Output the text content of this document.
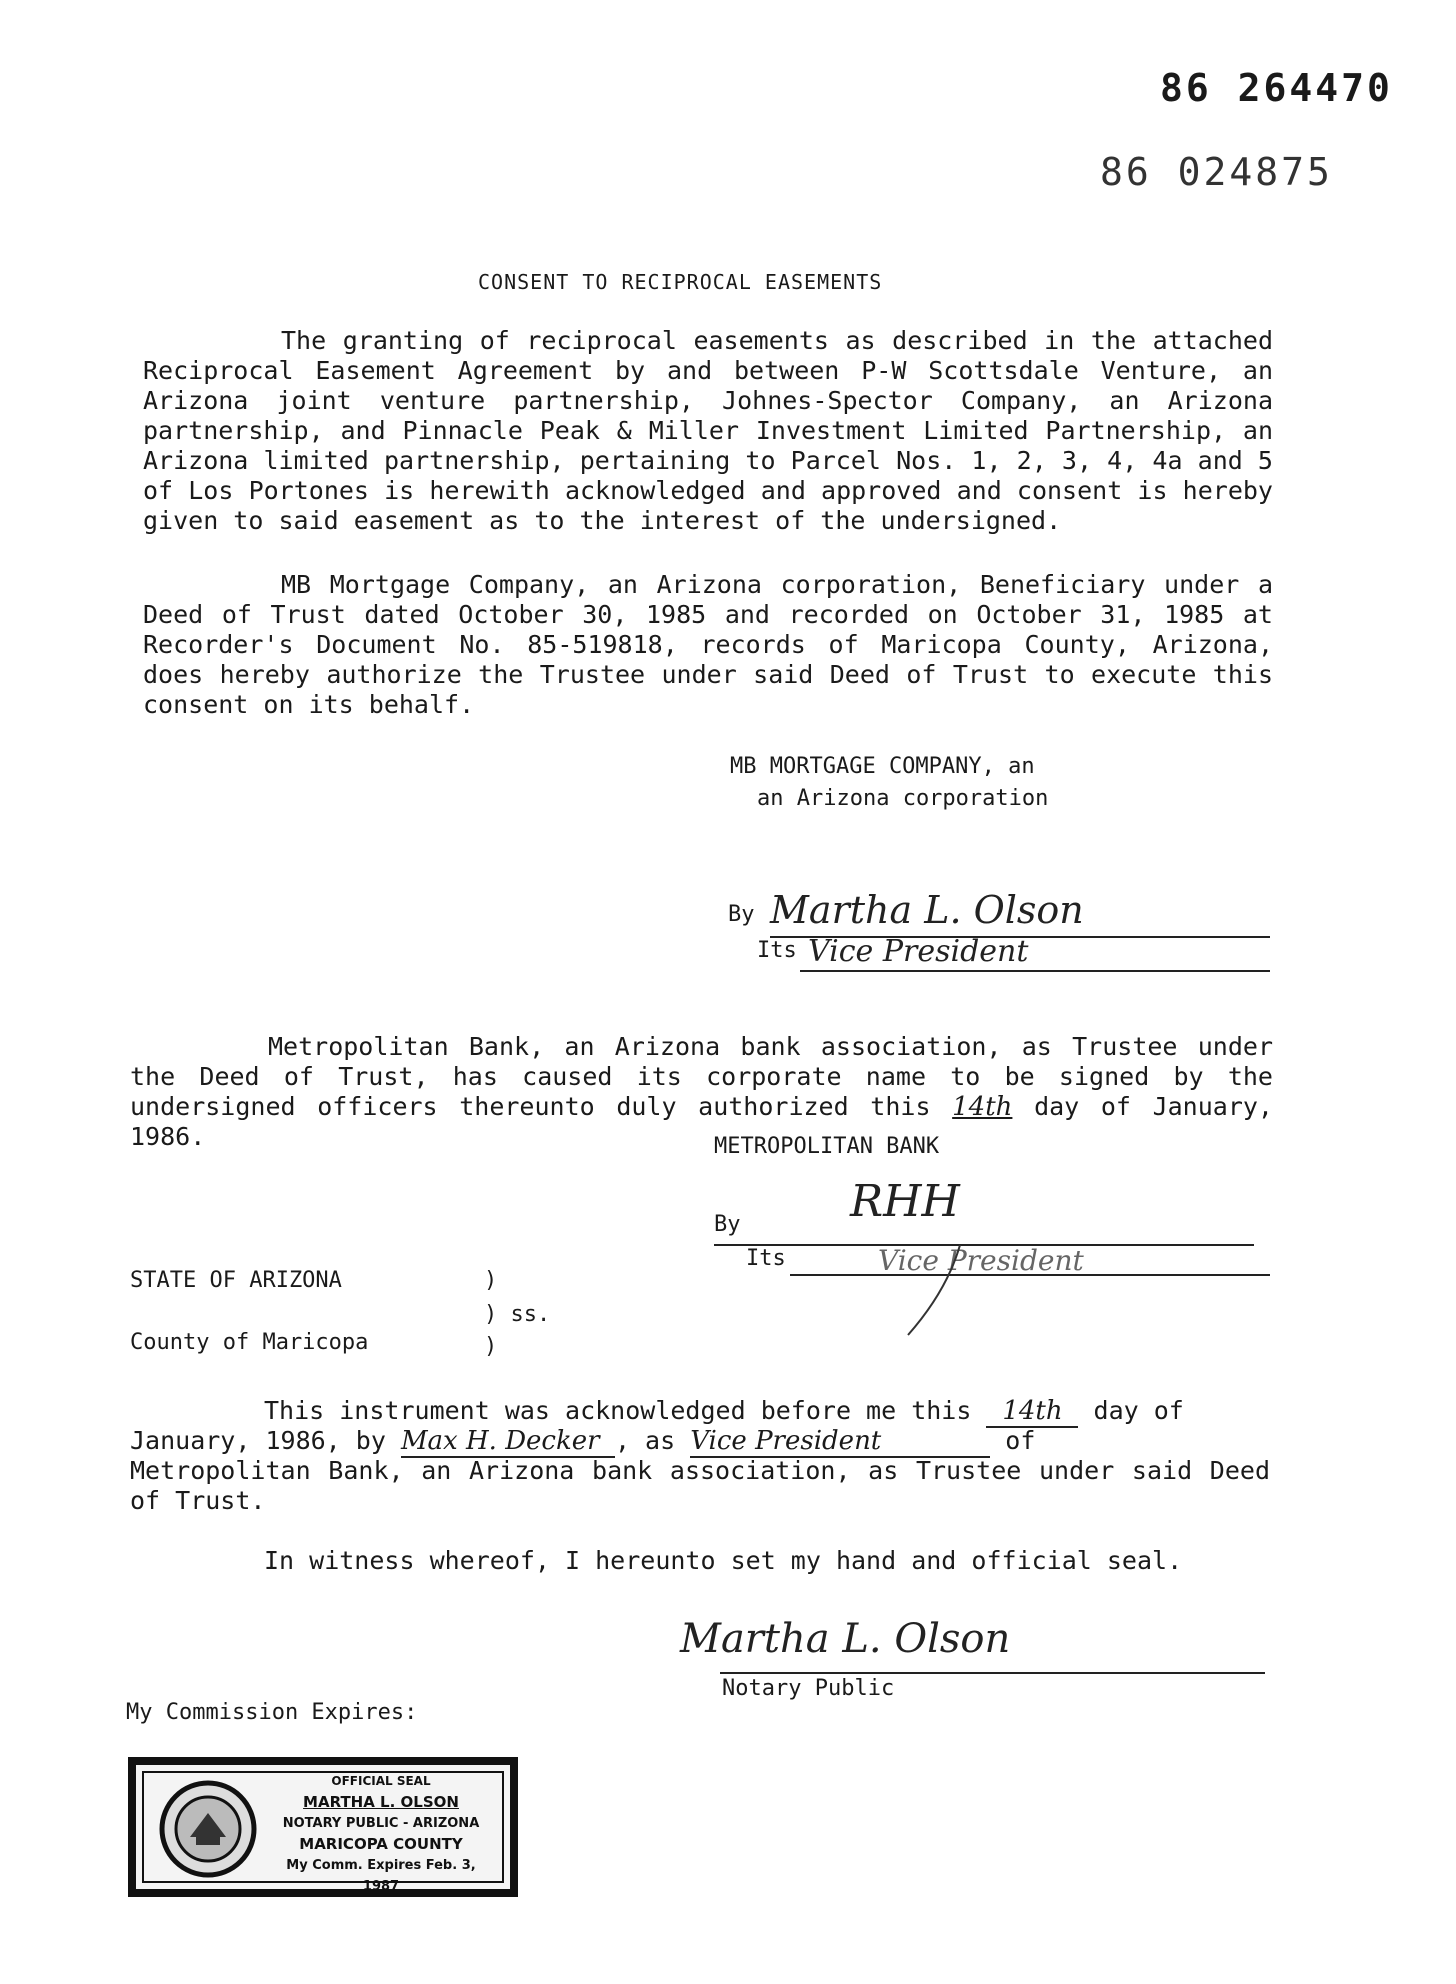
86 264470
86 024875
CONSENT TO RECIPROCAL EASEMENTS

The granting of reciprocal easements as described in the attached Reciprocal Easement Agreement by and between P-W Scottsdale Venture, an Arizona joint venture partnership, Johnes-Spector Company, an Arizona partnership, and Pinnacle Peak & Miller Investment Limited Partnership, an Arizona limited partnership, pertaining to Parcel Nos. 1, 2, 3, 4, 4a and 5 of Los Portones is herewith acknowledged and approved and consent is hereby given to said easement as to the interest of the undersigned.

MB Mortgage Company, an Arizona corporation, Beneficiary under a Deed of Trust dated October 30, 1985 and recorded on October 31, 1985 at Recorder's Document No. 85-519818, records of Maricopa County, Arizona, does hereby authorize the Trustee under said Deed of Trust to execute this consent on its behalf.

MB MORTGAGE COMPANY, an
an Arizona corporation
By Martha L. Olson
Its Vice President

Metropolitan Bank, an Arizona bank association, as Trustee under the Deed of Trust, has caused its corporate name to be signed by the undersigned officers thereunto duly authorized this 14th day of January, 1986.	METROPOLITAN BANK
By RHH
Its	Vice President
STATE OF ARIZONA	)
) ss.
County of Maricopa	)
This instrument was acknowledged before me this 14th day of
January, 1986, by Max H. Decker , as Vice President	of

Metropolitan Bank, an Arizona bank association, as Trustee under said Deed of Trust.

In witness whereof, I hereunto set my hand and official seal.
Martha L. Olson
Notary Public
My Commission Expires:
OFFICIAL SEAL
MARTHA L. OLSON
NOTARY PUBLIC - ARIZONA
MARICOPA COUNTY
My Comm. Expires Feb. 3, 1987
